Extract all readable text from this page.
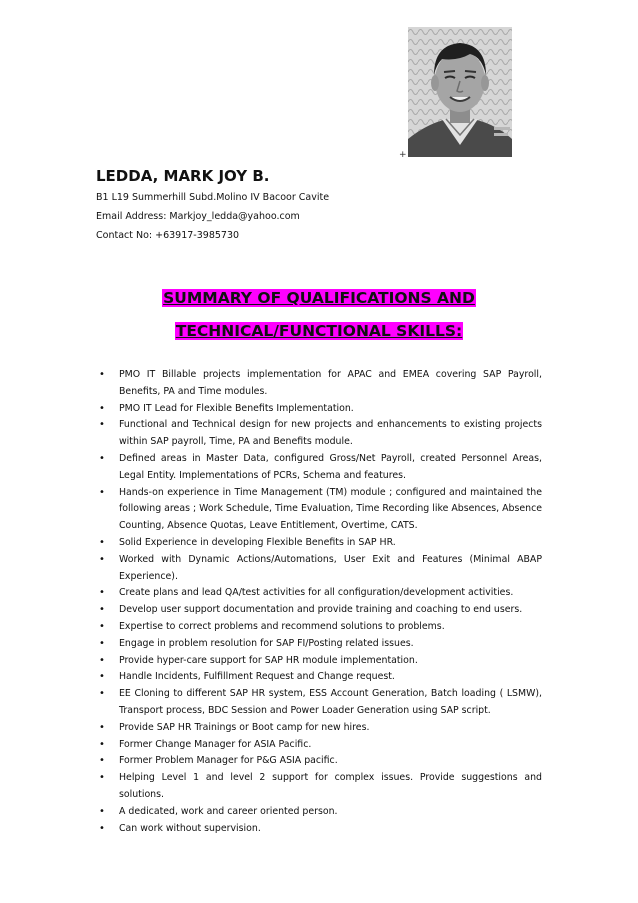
+
LEDDA, MARK JOY B.
B1 L19 Summerhill Subd.Molino IV Bacoor Cavite
Email Address: Markjoy_ledda@yahoo.com
Contact No: +63917-3985730
SUMMARY OF QUALIFICATIONS AND
TECHNICAL/FUNCTIONAL SKILLS:
• PMO IT Billable projects implementation for APAC and EMEA covering SAP Payroll, Benefits, PA and Time modules.
• PMO IT Lead for Flexible Benefits Implementation.
• Functional and Technical design for new projects and enhancements to existing projects within SAP payroll, Time, PA and Benefits module.
• Defined areas in Master Data, configured Gross/Net Payroll, created Personnel Areas, Legal Entity. Implementations of PCRs, Schema and features.
• Hands-on experience in Time Management (TM) module ; configured and maintained the following areas ; Work Schedule, Time Evaluation, Time Recording like Absences, Absence Counting, Absence Quotas, Leave Entitlement, Overtime, CATS.
• Solid Experience in developing Flexible Benefits in SAP HR.
• Worked with Dynamic Actions/Automations, User Exit and Features (Minimal ABAP Experience).
• Create plans and lead QA/test activities for all configuration/development activities.
• Develop user support documentation and provide training and coaching to end users.
• Expertise to correct problems and recommend solutions to problems.
• Engage in problem resolution for SAP FI/Posting related issues.
• Provide hyper-care support for SAP HR module implementation.
• Handle Incidents, Fulfillment Request and Change request.
• EE Cloning to different SAP HR system, ESS Account Generation, Batch loading ( LSMW), Transport process, BDC Session and Power Loader Generation using SAP script.
• Provide SAP HR Trainings or Boot camp for new hires.
• Former Change Manager for ASIA Pacific.
• Former Problem Manager for P&G ASIA pacific.
• Helping Level 1 and level 2 support for complex issues. Provide suggestions and solutions.
• A dedicated, work and career oriented person.
• Can work without supervision.
